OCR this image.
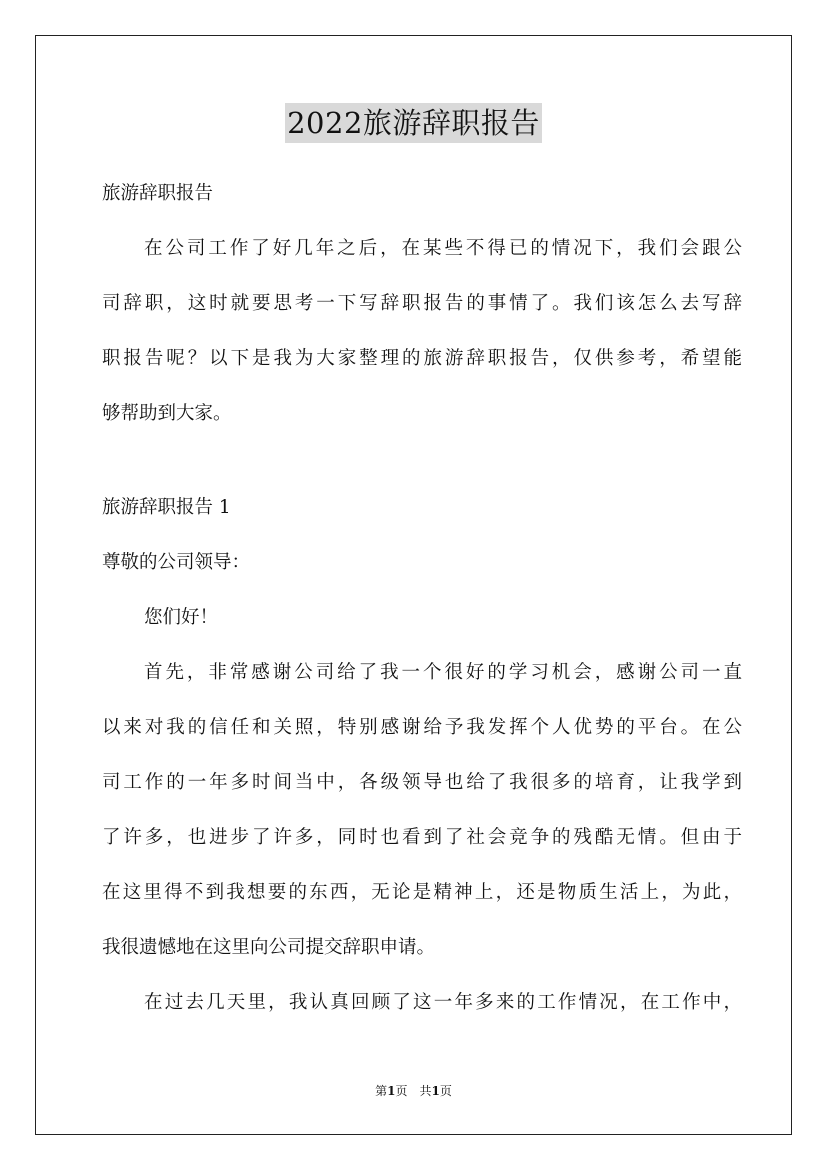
2022旅游辞职报告
旅游辞职报告
在公司工作了好几年之后，在某些不得已的情况下，我们会跟公
司辞职，这时就要思考一下写辞职报告的事情了。我们该怎么去写辞
职报告呢？以下是我为大家整理的旅游辞职报告，仅供参考，希望能
够帮助到大家。
旅游辞职报告 1
尊敬的公司领导：
您们好！
首先，非常感谢公司给了我一个很好的学习机会，感谢公司一直
以来对我的信任和关照，特别感谢给予我发挥个人优势的平台。在公
司工作的一年多时间当中，各级领导也给了我很多的培育，让我学到
了许多，也进步了许多，同时也看到了社会竞争的残酷无情。但由于
在这里得不到我想要的东西，无论是精神上，还是物质生活上，为此，
我很遗憾地在这里向公司提交辞职申请。
在过去几天里，我认真回顾了这一年多来的工作情况，在工作中，
第1页　共1页
